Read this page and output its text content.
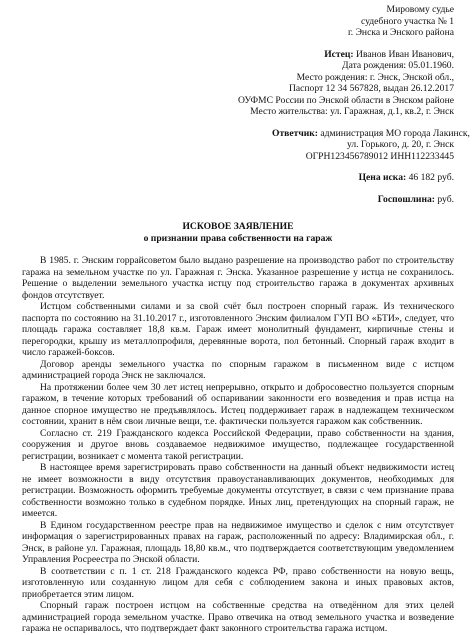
Мировому судье
судебного участка № 1
г. Энска и Энского района
Истец: Иванов Иван Иванович,
Дата рождения: 05.01.1960.
Место рождения: г. Энск, Энской обл.,
Паспорт 12 34 567828, выдан 26.12.2017
ОУФМС России по Энской области в Энском районе
Место жительства: ул. Гаражная, д.1, кв.2, г. Энск
Ответчик: администрация МО города Лакинск,
ул. Горького, д. 20, г. Энск
ОГРН123456789012 ИНН112233445
Цена иска: 46 182 руб.
Госпошлина: руб.
ИСКОВОЕ ЗАЯВЛЕНИЕ
о признании права собственности на гараж

В 1985. г. Энским горрайсоветом было выдано разрешение на производство работ по строительству гаража на земельном участке по ул. Гаражная г. Энска. Указанное разрешение у истца не сохранилось. Решение о выделении земельного участка истцу под строительство гаража в документах архивных фондов отсутствует.

Истцом собственными силами и за свой счёт был построен спорный гараж. Из технического паспорта по состоянию на 31.10.2017 г., изготовленного Энским филиалом ГУП ВО «БТИ», следует, что площадь гаража составляет 18,8 кв.м. Гараж имеет монолитный фундамент, кирпичные стены и перегородки, крышу из металлопрофиля, деревянные ворота, пол бетонный. Спорный гараж входит в число гаражей-боксов.

Договор аренды земельного участка по спорным гаражом в письменном виде с истцом администрацией города Энск не заключался.

На протяжении более чем 30 лет истец непрерывно, открыто и добросовестно пользуется спорным гаражом, в течение которых требований об оспаривании законности его возведения и прав истца на данное спорное имущество не предъявлялось. Истец поддерживает гараж в надлежащем техническом состоянии, хранит в нём свои личные вещи, т.е. фактически пользуется гаражом как собственник.

Согласно ст. 219 Гражданского кодекса Российской Федерации, право собственности на здания, сооружения и другое вновь создаваемое недвижимое имущество, подлежащее государственной регистрации, возникает с момента такой регистрации.

В настоящее время зарегистрировать право собственности на данный объект недвижимости истец не имеет возможности в виду отсутствия правоустанавливающих документов, необходимых для регистрации. Возможность оформить требуемые документы отсутствует, в связи с чем признание права собственности возможно только в судебном порядке. Иных лиц, претендующих на спорный гараж, не имеется.

В Едином государственном реестре прав на недвижимое имущество и сделок с ним отсутствует информация о зарегистрированных правах на гараж, расположенный по адресу: Владимирская обл., г. Энск, в районе ул. Гаражная, площадь 18,80 кв.м., что подтверждается соответствующим уведомлением Управления Росреестра по Энской области.

В соответствии с п. 1 ст. 218 Гражданского кодекса РФ, право собственности на новую вещь, изготовленную или созданную лицом для себя с соблюдением закона и иных правовых актов, приобретается этим лицом.

Спорный гараж построен истцом на собственные средства на отведённом для этих целей администрацией города земельном участке. Право отвечика на отвод земельного участка и возведение гаража не оспаривалось, что подтверждает факт законного строительства гаража истцом.
